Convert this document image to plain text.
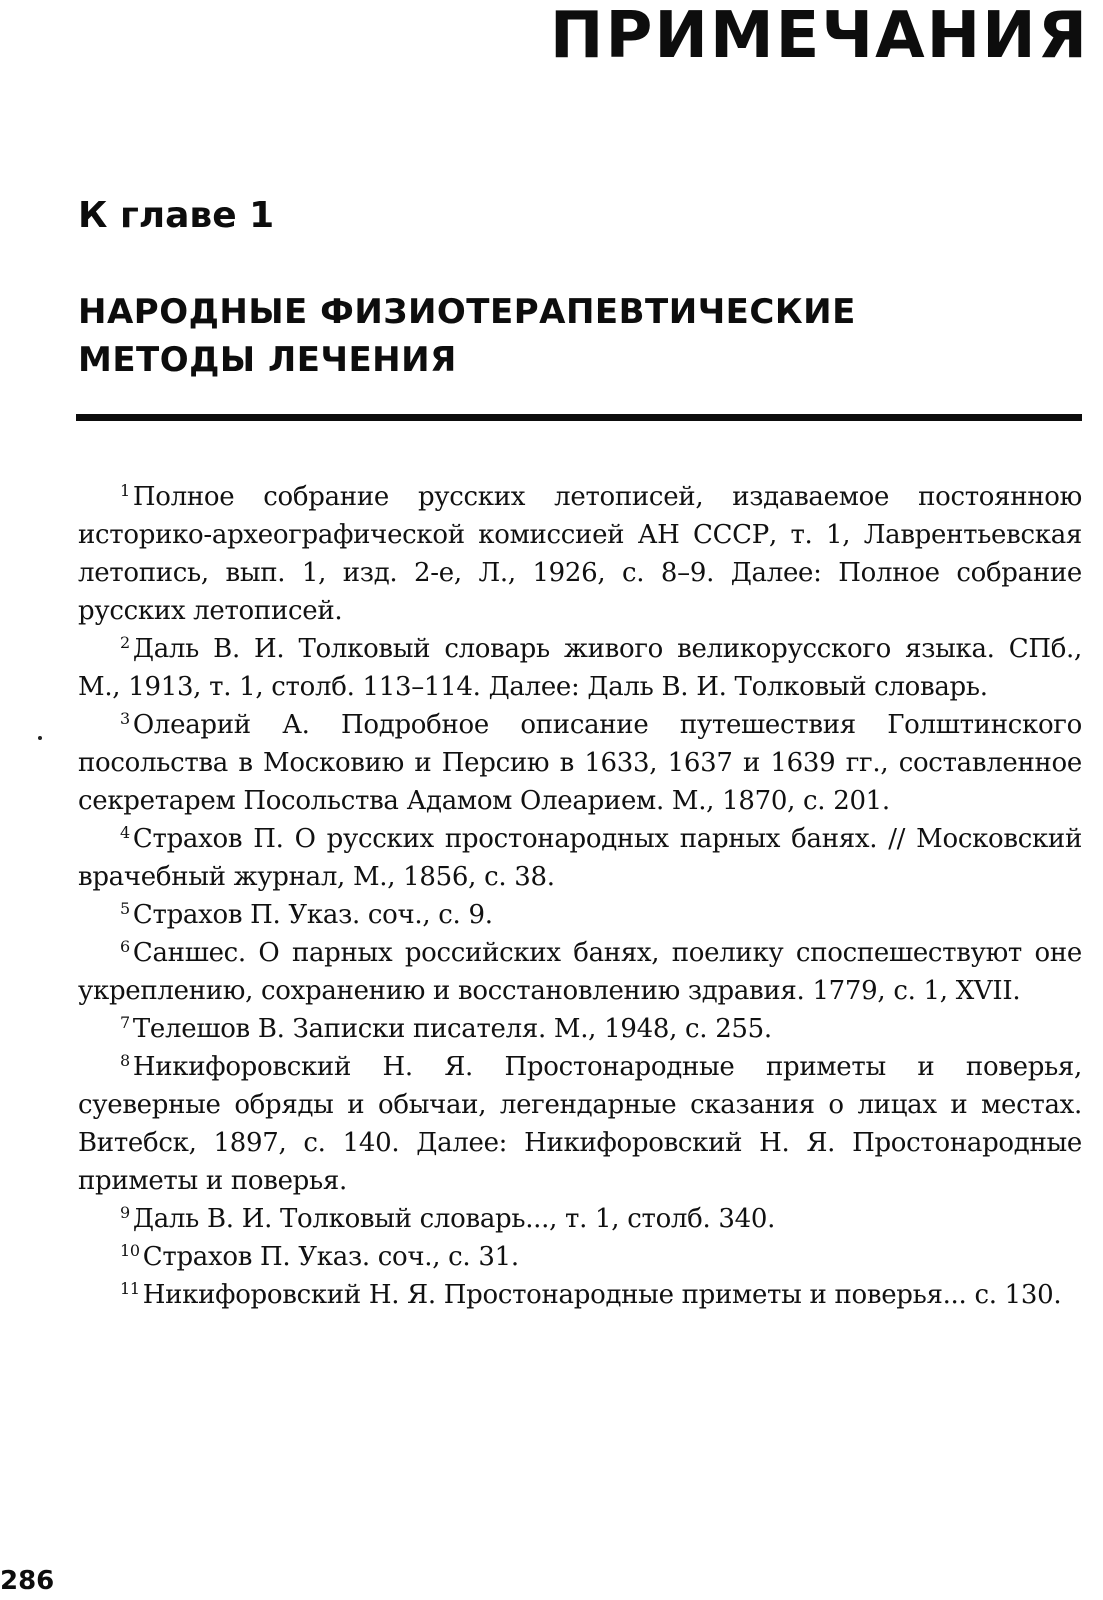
ПРИМЕЧАНИЯ
К главе 1
НАРОДНЫЕ ФИЗИОТЕРАПЕВТИЧЕСКИЕ МЕТОДЫ ЛЕЧЕНИЯ

$^1$ Полное собрание русских летописей, издаваемое постоянною историко-археографической комиссией АН СССР, т. 1, Лаврентьевская летопись, вып. 1, изд. 2-е, Л., 1926, с. 8–9. Далее: Полное собрание русских летописей.

$^2$ Даль В. И. Толковый словарь живого великорусского языка. СПб., М., 1913, т. 1, столб. 113–114. Далее: Даль В. И. Толковый словарь.

$^3$ Олеарий А. Подробное описание путешествия Голштинского посольства в Московию и Персию в 1633, 1637 и 1639 гг., составленное секретарем Посольства Адамом Олеарием. М., 1870, с. 201.

$^4$ Страхов П. О русских простонародных парных банях. // Московский врачебный журнал, М., 1856, с. 38.

$^5$ Страхов П. Указ. соч., с. 9.

$^6$ Саншес. О парных российских банях, поелику споспешествуют оне укреплению, сохранению и восстановлению здравия. 1779, с. 1, XVII.

$^7$ Телешов В. Записки писателя. М., 1948, с. 255.

$^8$ Никифоровский Н. Я. Простонародные приметы и поверья, суеверные обряды и обычаи, легендарные сказания о лицах и местах. Витебск, 1897, с. 140. Далее: Никифоровский Н. Я. Простонародные приметы и поверья.

$^9$ Даль В. И. Толковый словарь..., т. 1, столб. 340.

$^{10}$ Страхов П. Указ. соч., с. 31.

$^{11}$ Никифоровский Н. Я. Простонародные приметы и поверья... с. 130.

286
